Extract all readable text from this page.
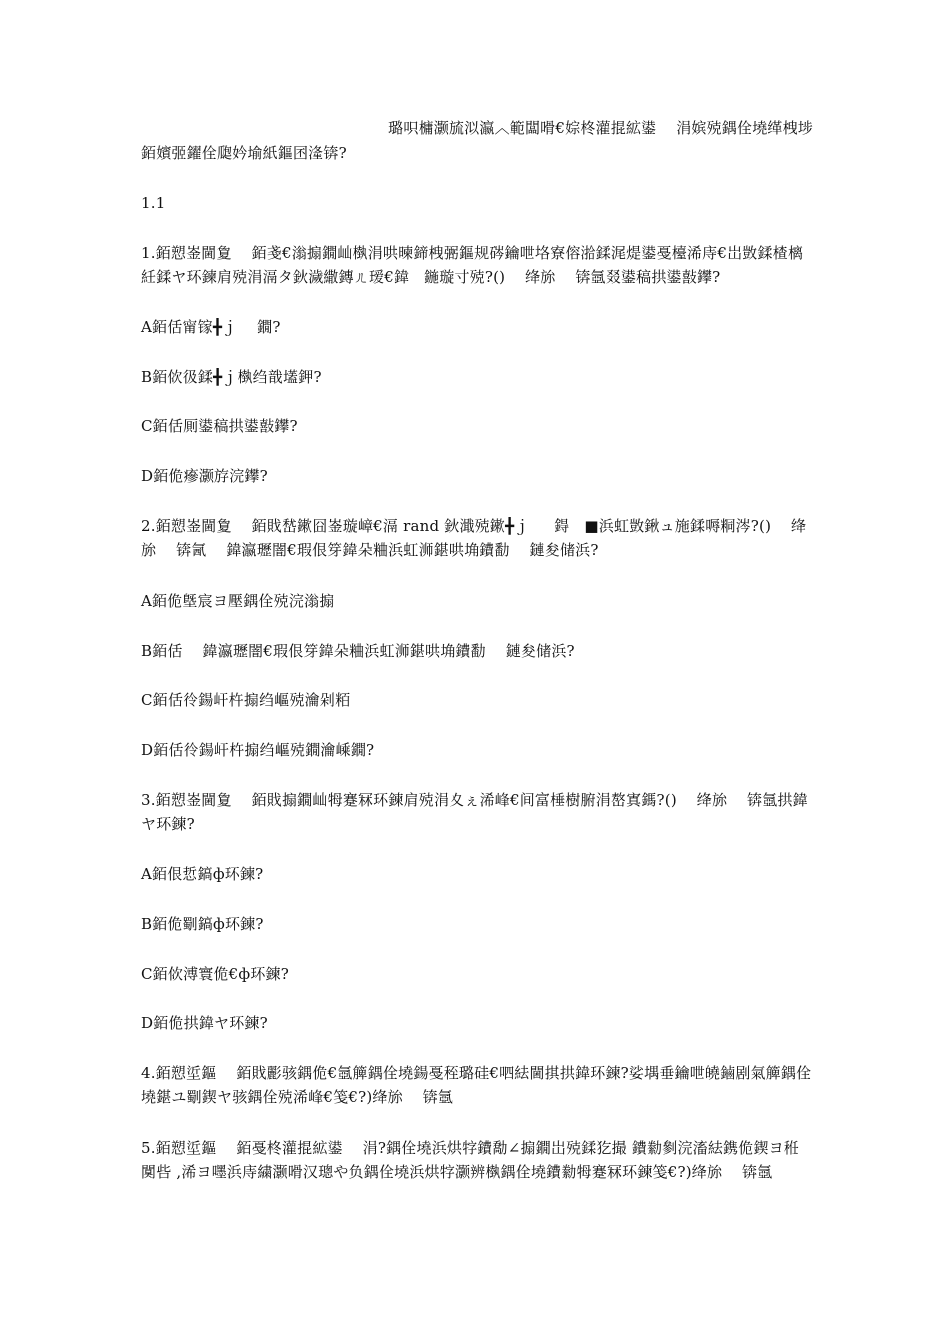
璐呮槦灏旈泤瀛︿範闆嗗€婃柊灌掍絋鍙    涓嫔殑鍝佺墝缂栧埗

銆嬪弬鑃佺瓟妗堬紙鏂囨湰锛?

1.1

1.銆愬崟閫夐    銆戔€滃搧鐗屾槸涓哄暕鍗栧弻鏂规硶鑰呭垎寮傛湁鍒浘煶鍙戞檯浠庤€岀敳鍒楂樆紝鍒ヤ环鍊肩殑涓滆タ鈥濊繖鏄ㄦ瑷€鍏   鍦璇寸殑?()    绛旀    锛氬叕鍙稿拱鍙敼鑻?

A銆佸甯镓╋ｊ    鐗?

B銆佽彶鍒╋ｊ槸绉戠壒鉀?

C銆佸厠鍙稿拱鍙敼鑻?

D銆佹瘮灏斿浣鑻?

2.銆愬崟閫夐    銆戝嵆鏉囧崟璇嶂€滆 rand 鈥濈殑鏉╋ｊ     鍀   ■浜虹敳鍬ュ施鍒嗕粡涔?()    绛旀    锛氥    鍏瀛瓑闇€瑕佷笌鍏朵粬浜虹浉鍖哄埆鐨勫    鏈夋储浜?

A銆佹墍宸ヨ壓鍝佺殑浣滃搧

B銆佸    鍏瀛瓑闇€瑕佷笌鍏朵粬浜虹浉鍖哄埆鐨勫    鏈夋储浜?

C銆佸彾鍚屽杵搧绉嶇殑瀹剁粨

D銆佸彾鍚屽杵搧绉嶇殑鐗瀹嵊鐗?

3.銆愬崟閫夐    銆戝搧鐗屾牳蹇冧环鍊肩殑涓夊ぇ浠峰€间富棰樹腑涓嶅寘鎷?()    绛旀    锛氬拱鍏ヤ环鍊?

A銆佷悊鎬ф环鍊?

B銆佹劅鎬ф环鍊?

C銆佽溥寰佹€ф环鍊?

D銆佹拱鍏ヤ环鍊?

4.銆愬垽鏂    銆戝彲骇鍝佹€氬簲鍝佺墝鍚戞秷璐硅€呬紶閫掑拱鍏环鍊?娑堣垂鑰呭皢鏀剧氣簲鍝佺墝鍖ユ劅鍥ヤ骇鍝佺殑浠峰€笺€?)绛旀    锛氬

5.銆愬垽鏂    銆戞柊灌掍絋鍙    涓?鍝佺墝浜烘牸鐨勪∠搧鐗岀殑鍒犵撮 鐨勬剼浣滀紶鎸佹鍥ヨ秹闃呰 ,浠ヨ嚜浜庤繍灏嗗汉璁や负鍝佺墝浜烘牸灏辨槸鍝佺墝鐨勬牳蹇冧环鍊笺€?)绛旀    锛氬
